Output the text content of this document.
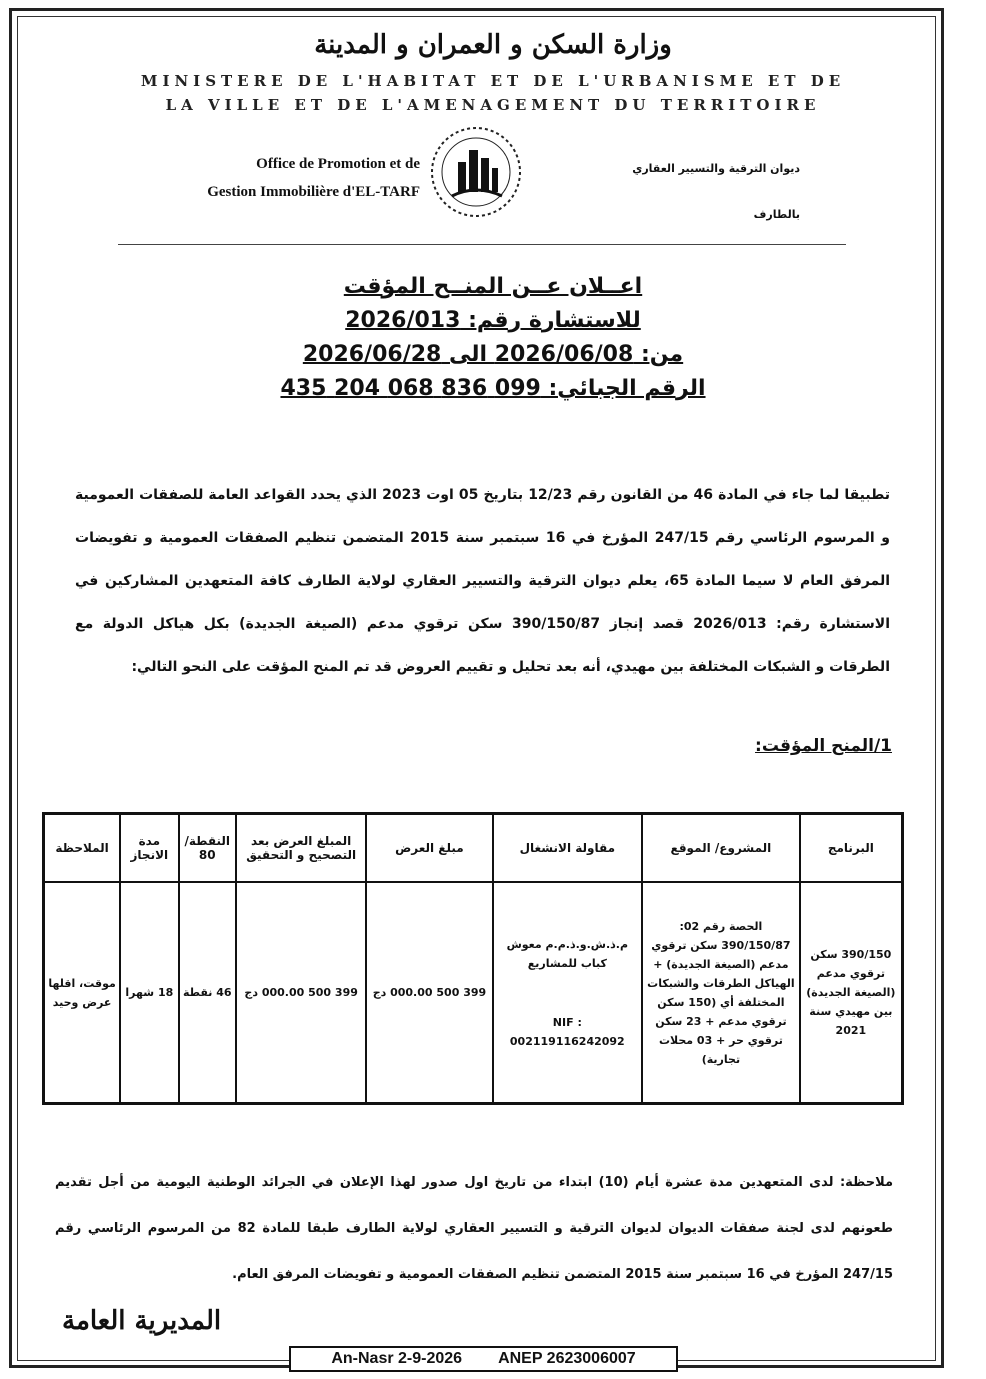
وزارة السكن و العمران و المدينة
MINISTERE DE L'HABITAT ET DE L'URBANISME ET DE
LA VILLE ET DE L'AMENAGEMENT DU TERRITOIRE
Office de Promotion et de
Gestion Immobilière d'EL-TARF
ديوان الترقية والتسيير العقاري
بالطارف
اعــلان عــن المنــح المؤقت
للاستشارة رقم: 2026/013
من: 2026/06/08 الى 2026/06/28
الرقم الجبائي: 099 836 068 204 435
تطبيقا لما جاء في المادة 46 من القانون رقم 12/23 بتاريخ 05 اوت 2023 الذي يحدد القواعد العامة للصفقات العمومية و المرسوم الرئاسي رقم 247/15 المؤرخ في 16 سبتمبر سنة 2015 المتضمن تنظيم الصفقات العمومية و تفويضات المرفق العام لا سيما المادة 65، يعلم ديوان الترقية والتسيير العقاري لولاية الطارف كافة المتعهدين المشاركين في الاستشارة رقم: 2026/013 قصد إنجاز 390/150/87 سكن ترقوي مدعم (الصيغة الجديدة) بكل هياكل الدولة مع الطرقات و الشبكات المختلفة بين مهيدي، أنه بعد تحليل و تقييم العروض قد تم المنح المؤقت على النحو التالي:
1/المنح المؤقت:
البرنامج	المشروع/ الموقع	مقاولة الانشغال	مبلغ العرض	المبلغ العرض بعد التصحيح و التحقيق	النقطة/ 80	مدة الانجاز	الملاحظة
390/150 سكن ترقوي مدعم (الصيغة الجديدة) بين مهيدي سنة 2021	الحصة رقم 02: 390/150/87 سكن ترقوي مدعم (الصيغة الجديدة) + الهياكل الطرقات والشبكات المختلفة أي (150 سكن ترقوي مدعم + 23 سكن ترقوي حر + 03 محلات تجارية)	م.ذ.ش.و.ذ.م.م معوش كباب للمشاريع
NIF : 002119116242092	399 500 000.00 دج	399 500 000.00 دج	46 نقطة	18 شهرا	موقت، اقلها عرض وحيد
ملاحظة: لدى المتعهدين مدة عشرة أيام (10) ابتداء من تاريخ اول صدور لهذا الإعلان في الجرائد الوطنية اليومية من أجل تقديم طعونهم لدى لجنة صفقات الديوان لديوان الترقية و التسيير العقاري لولاية الطارف طبقا للمادة 82 من المرسوم الرئاسي رقم 247/15 المؤرخ في 16 سبتمبر سنة 2015 المتضمن تنظيم الصفقات العمومية و تفويضات المرفق العام.
المديرية العامة
An-Nasr 2-9-2026 ANEP 2623006007
